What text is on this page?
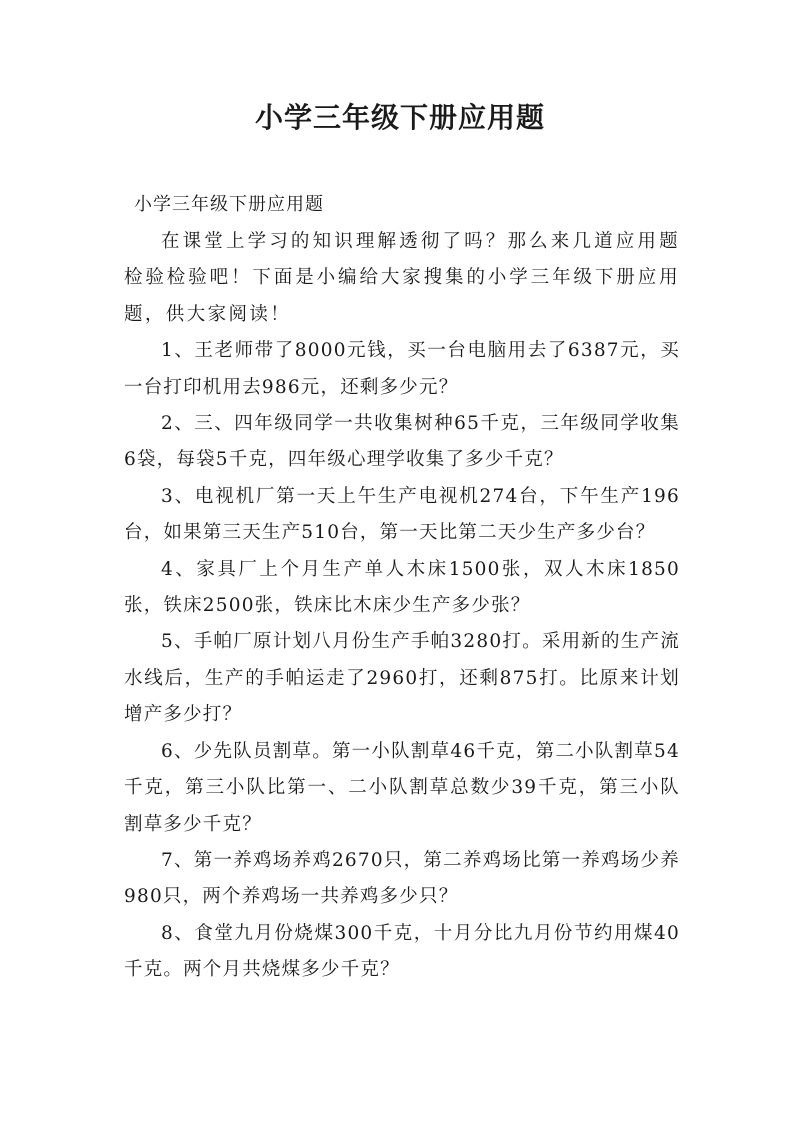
小学三年级下册应用题

小学三年级下册应用题

在课堂上学习的知识理解透彻了吗？那么来几道应用题检验检验吧！下面是小编给大家搜集的小学三年级下册应用题，供大家阅读！

1、王老师带了8000元钱，买一台电脑用去了6387元，买一台打印机用去986元，还剩多少元？

2、三、四年级同学一共收集树种65千克，三年级同学收集6袋，每袋5千克，四年级心理学收集了多少千克？

3、电视机厂第一天上午生产电视机274台，下午生产196台，如果第三天生产510台，第一天比第二天少生产多少台？

4、家具厂上个月生产单人木床1500张，双人木床1850张，铁床2500张，铁床比木床少生产多少张？

5、手帕厂原计划八月份生产手帕3280打。采用新的生产流水线后，生产的手帕运走了2960打，还剩875打。比原来计划增产多少打？

6、少先队员割草。第一小队割草46千克，第二小队割草54千克，第三小队比第一、二小队割草总数少39千克，第三小队割草多少千克？

7、第一养鸡场养鸡2670只，第二养鸡场比第一养鸡场少养980只，两个养鸡场一共养鸡多少只？

8、食堂九月份烧煤300千克，十月分比九月份节约用煤40千克。两个月共烧煤多少千克？
